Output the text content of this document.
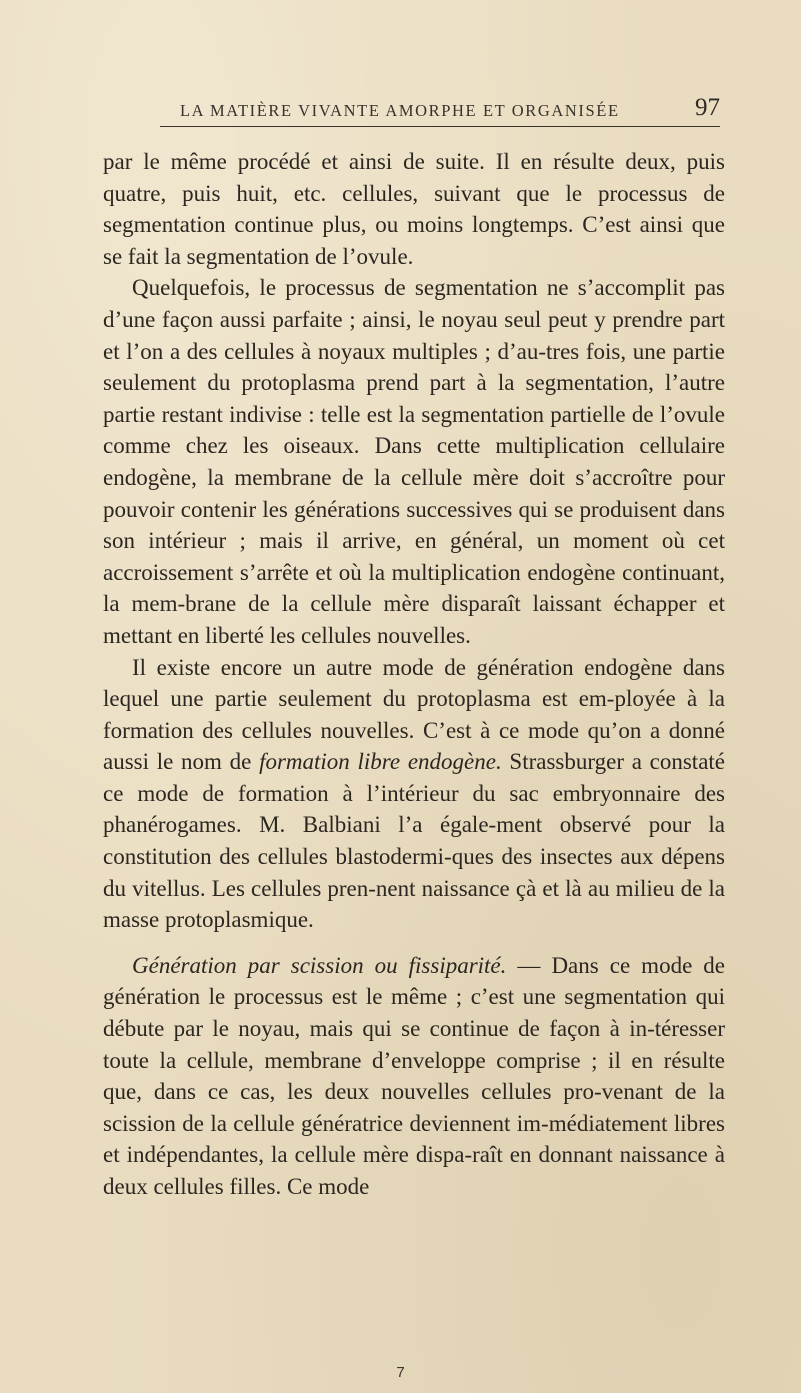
LA MATIÈRE VIVANTE AMORPHE ET ORGANISÉE	97

par le même procédé et ainsi de suite. Il en résulte deux, puis quatre, puis huit, etc. cellules, suivant que le processus de segmentation continue plus, ou moins longtemps. C’est ainsi que se fait la segmentation de l’ovule.

Quelquefois, le processus de segmentation ne s’accomplit pas d’une façon aussi parfaite ; ainsi, le noyau seul peut y prendre part et l’on a des cellules à noyaux multiples ; d’au-tres fois, une partie seulement du protoplasma prend part à la segmentation, l’autre partie restant indivise : telle est la segmentation partielle de l’ovule comme chez les oiseaux. Dans cette multiplication cellulaire endogène, la membrane de la cellule mère doit s’accroître pour pouvoir contenir les générations successives qui se produisent dans son intérieur ; mais il arrive, en général, un moment où cet accroissement s’arrête et où la multiplication endogène continuant, la mem-brane de la cellule mère disparaît laissant échapper et mettant en liberté les cellules nouvelles.

Il existe encore un autre mode de génération endogène dans lequel une partie seulement du protoplasma est em-ployée à la formation des cellules nouvelles. C’est à ce mode qu’on a donné aussi le nom de formation libre endogène. Strassburger a constaté ce mode de formation à l’intérieur du sac embryonnaire des phanérogames. M. Balbiani l’a égale-ment observé pour la constitution des cellules blastodermi-ques des insectes aux dépens du vitellus. Les cellules pren-nent naissance çà et là au milieu de la masse protoplasmique.

Génération par scission ou fissiparité. — Dans ce mode de génération le processus est le même ; c’est une segmentation qui débute par le noyau, mais qui se continue de façon à in-téresser toute la cellule, membrane d’enveloppe comprise ; il en résulte que, dans ce cas, les deux nouvelles cellules pro-venant de la scission de la cellule génératrice deviennent im-médiatement libres et indépendantes, la cellule mère dispa-raît en donnant naissance à deux cellules filles. Ce mode

7
